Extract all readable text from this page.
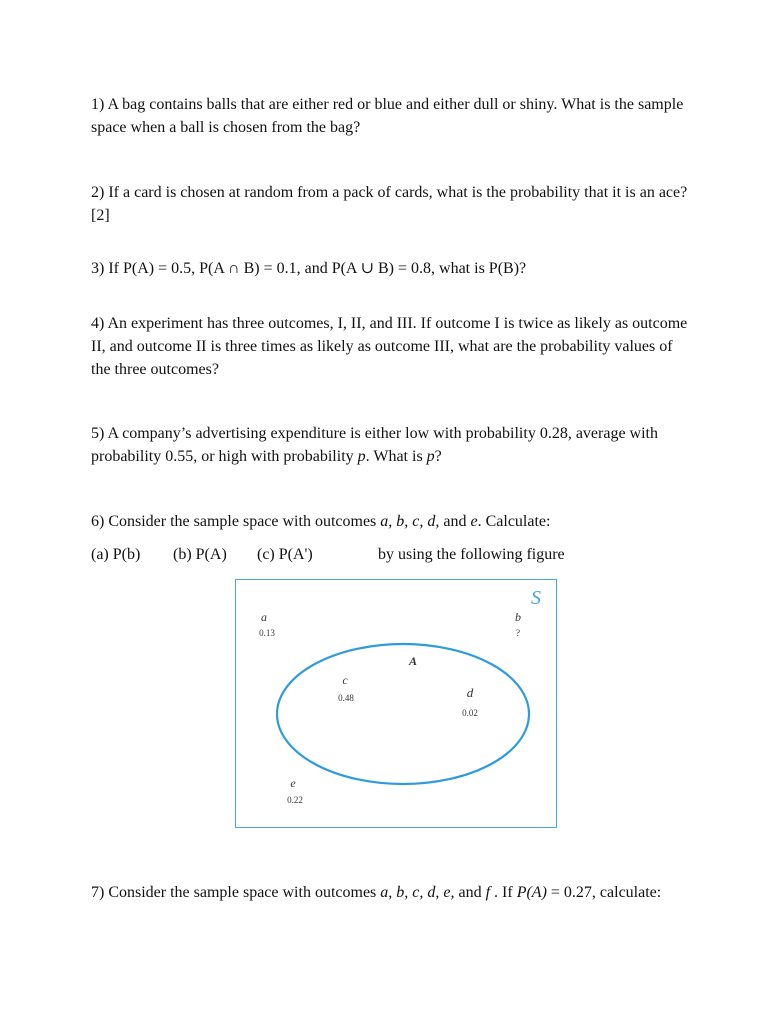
1) A bag contains balls that are either red or blue and either dull or shiny. What is the sample space when a ball is chosen from the bag?

2) If a card is chosen at random from a pack of cards, what is the probability that it is an ace? [2]

3) If P(A) = 0.5, P(A ∩ B) = 0.1, and P(A ∪ B) = 0.8, what is P(B)?

4) An experiment has three outcomes, I, II, and III. If outcome I is twice as likely as outcome II, and outcome II is three times as likely as outcome III, what are the probability values of the three outcomes?

5) A company’s advertising expenditure is either low with probability 0.28, average with probability 0.55, or high with probability p. What is p?

6) Consider the sample space with outcomes a, b, c, d, and e. Calculate:

(a) P(b) (b) P(A) (c) P(A')	by using the following figure

S
A
a
0.13
b
?
c
0.48	d
0.02
e
0.22

7) Consider the sample space with outcomes a, b, c, d, e, and f . If P(A) = 0.27, calculate:
